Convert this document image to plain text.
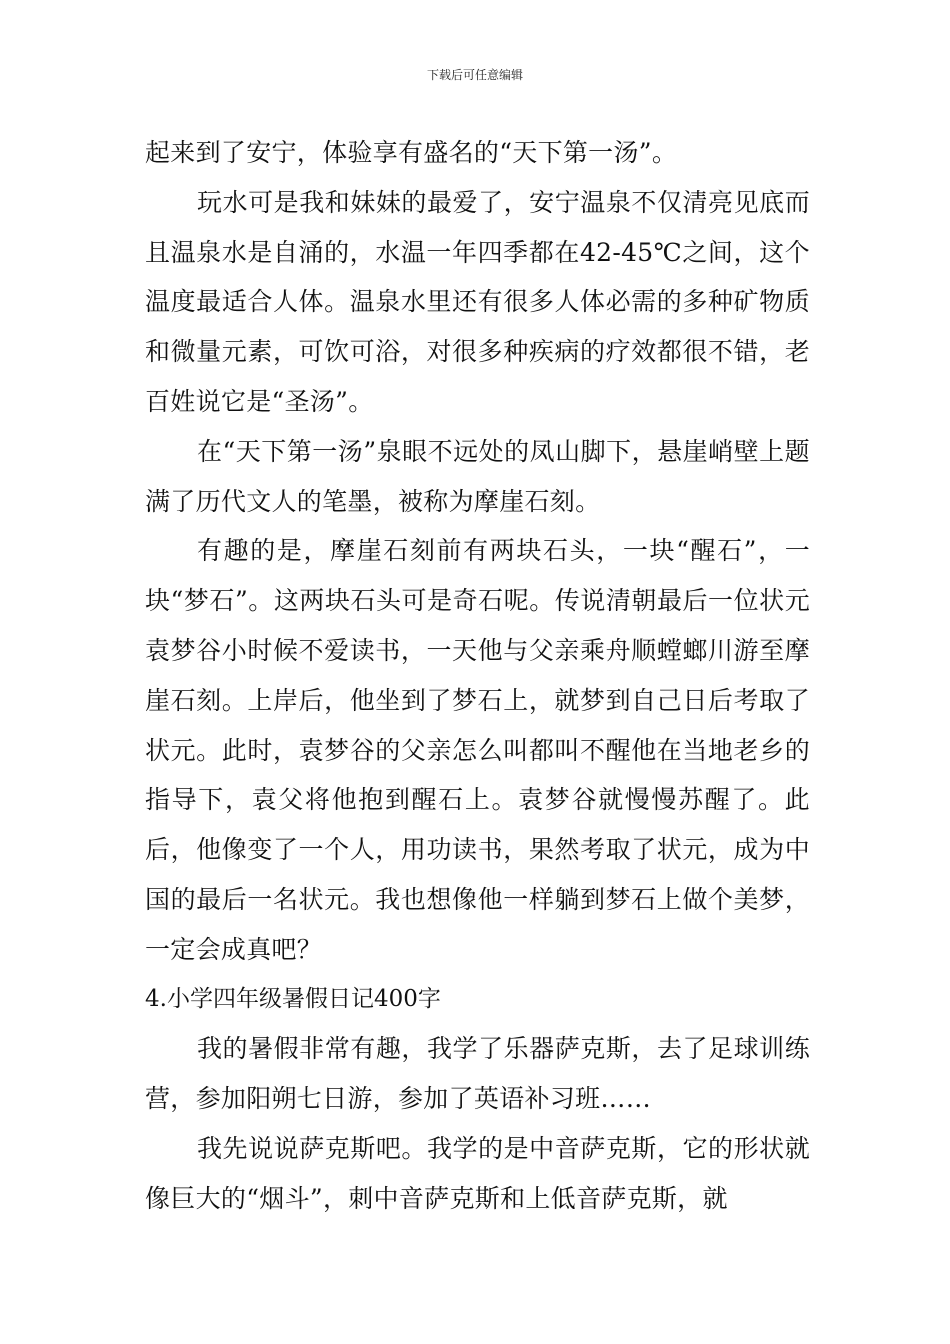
下载后可任意编辑

起来到了安宁，体验享有盛名的“天下第一汤”。

玩水可是我和妹妹的最爱了，安宁温泉不仅清亮见底而且温泉水是自涌的，水温一年四季都在42-45℃之间，这个温度最适合人体。温泉水里还有很多人体必需的多种矿物质和微量元素，可饮可浴，对很多种疾病的疗效都很不错，老百姓说它是“圣汤”。

在“天下第一汤”泉眼不远处的凤山脚下，悬崖峭壁上题满了历代文人的笔墨，被称为摩崖石刻。

有趣的是，摩崖石刻前有两块石头，一块“醒石”，一块“梦石”。这两块石头可是奇石呢。传说清朝最后一位状元袁梦谷小时候不爱读书，一天他与父亲乘舟顺螳螂川游至摩崖石刻。上岸后，他坐到了梦石上，就梦到自己日后考取了状元。此时，袁梦谷的父亲怎么叫都叫不醒他在当地老乡的指导下，袁父将他抱到醒石上。袁梦谷就慢慢苏醒了。此后，他像变了一个人，用功读书，果然考取了状元，成为中国的最后一名状元。我也想像他一样躺到梦石上做个美梦，一定会成真吧？

4.小学四年级暑假日记400字

我的暑假非常有趣，我学了乐器萨克斯，去了足球训练营，参加阳朔七日游，参加了英语补习班……

我先说说萨克斯吧。我学的是中音萨克斯，它的形状就像巨大的“烟斗”，刺中音萨克斯和上低音萨克斯，就
